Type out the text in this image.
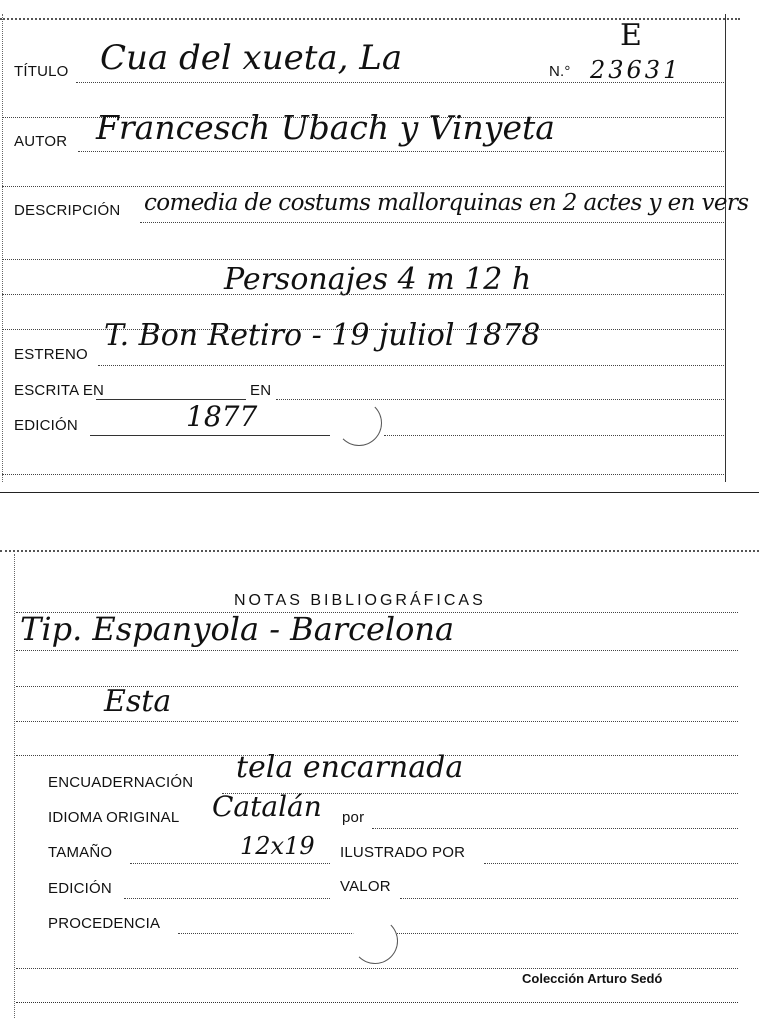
TÍTULO Cua del xueta, La	N.° 23631
E
AUTOR Francesch Ubach y Vinyeta
DESCRIPCIÓN comedia de costums mallorquinas en 2 actes y en vers
Personajes 4 m 12 h
ESTRENO
T. Bon Retiro - 19 juliol 1878
ESCRITA EN	EN
EDICIÓN	1877
NOTAS BIBLIOGRÁFICAS
Tip. Espanyola - Barcelona
Esta
ENCUADERNACIÓN tela encarnada
IDIOMA ORIGINAL Catalán por
TAMAÑO	12x19 ILUSTRADO POR
EDICIÓN	VALOR
PROCEDENCIA
Colección Arturo Sedó
